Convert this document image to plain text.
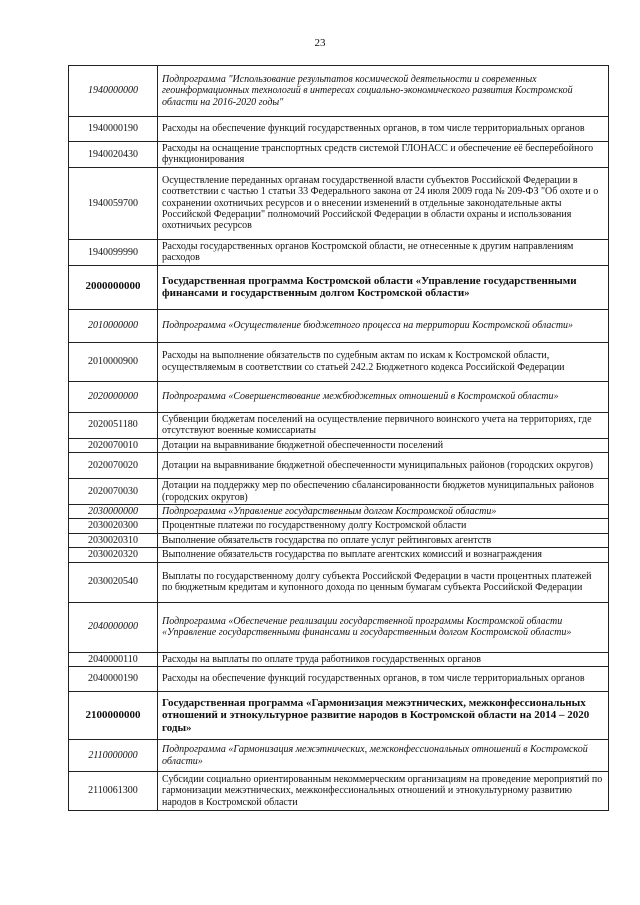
23
1940000000	Подпрограмма "Использование результатов космической деятельности и современных геоинформационных технологий в интересах социально-экономического развития Костромской области на 2016-2020 годы"
1940000190	Расходы на обеспечение функций государственных органов, в том числе территориальных органов
1940020430	Расходы на оснащение транспортных средств системой ГЛОНАСС и обеспечение её бесперебойного функционирования
1940059700	Осуществление переданных органам государственной власти субъектов Российской Федерации в соответствии с частью 1 статьи 33 Федерального закона от 24 июля 2009 года № 209-ФЗ "Об охоте и о сохранении охотничьих ресурсов и о внесении изменений в отдельные законодательные акты Российской Федерации" полномочий Российской Федерации в области охраны и использования охотничьих ресурсов
1940099990	Расходы государственных органов Костромской области, не отнесенные к другим направлениям расходов
2000000000	Государственная программа Костромской области «Управление государственными финансами и государственным долгом Костромской области»
2010000000	Подпрограмма «Осуществление бюджетного процесса на территории Костромской области»
2010000900	Расходы на выполнение обязательств по судебным актам по искам к Костромской области, осуществляемым в соответствии со статьей 242.2 Бюджетного кодекса Российской Федерации
2020000000	Подпрограмма «Совершенствование межбюджетных отношений в Костромской области»
2020051180	Субвенции бюджетам поселений на осуществление первичного воинского учета на территориях, где отсутствуют военные комиссариаты
2020070010	Дотации на выравнивание бюджетной обеспеченности поселений
2020070020	Дотации на выравнивание бюджетной обеспеченности муниципальных районов (городских округов)
2020070030	Дотации на поддержку мер по обеспечению сбалансированности бюджетов муниципальных районов (городских округов)
2030000000	Подпрограмма «Управление государственным долгом Костромской области»
2030020300	Процентные платежи по государственному долгу Костромской области
2030020310	Выполнение обязательств государства по оплате услуг рейтинговых агентств
2030020320	Выполнение обязательств государства по выплате агентских комиссий и вознаграждения
2030020540	Выплаты по государственному долгу субъекта Российской Федерации в части процентных платежей по бюджетным кредитам и купонного дохода по ценным бумагам субъекта Российской Федерации
2040000000	Подпрограмма «Обеспечение реализации государственной программы Костромской области «Управление государственными финансами и государственным долгом Костромской области»
2040000110	Расходы на выплаты по оплате труда работников государственных органов
2040000190	Расходы на обеспечение функций государственных органов, в том числе территориальных органов
2100000000	Государственная программа «Гармонизация межэтнических, межконфессиональных отношений и этнокультурное развитие народов в Костромской области на 2014 – 2020 годы»
2110000000	Подпрограмма «Гармонизация межэтнических, межконфессиональных отношений в Костромской области»
2110061300	Субсидии социально ориентированным некоммерческим организациям на проведение мероприятий по гармонизации межэтнических, межконфессиональных отношений и этнокультурному развитию народов в Костромской области
